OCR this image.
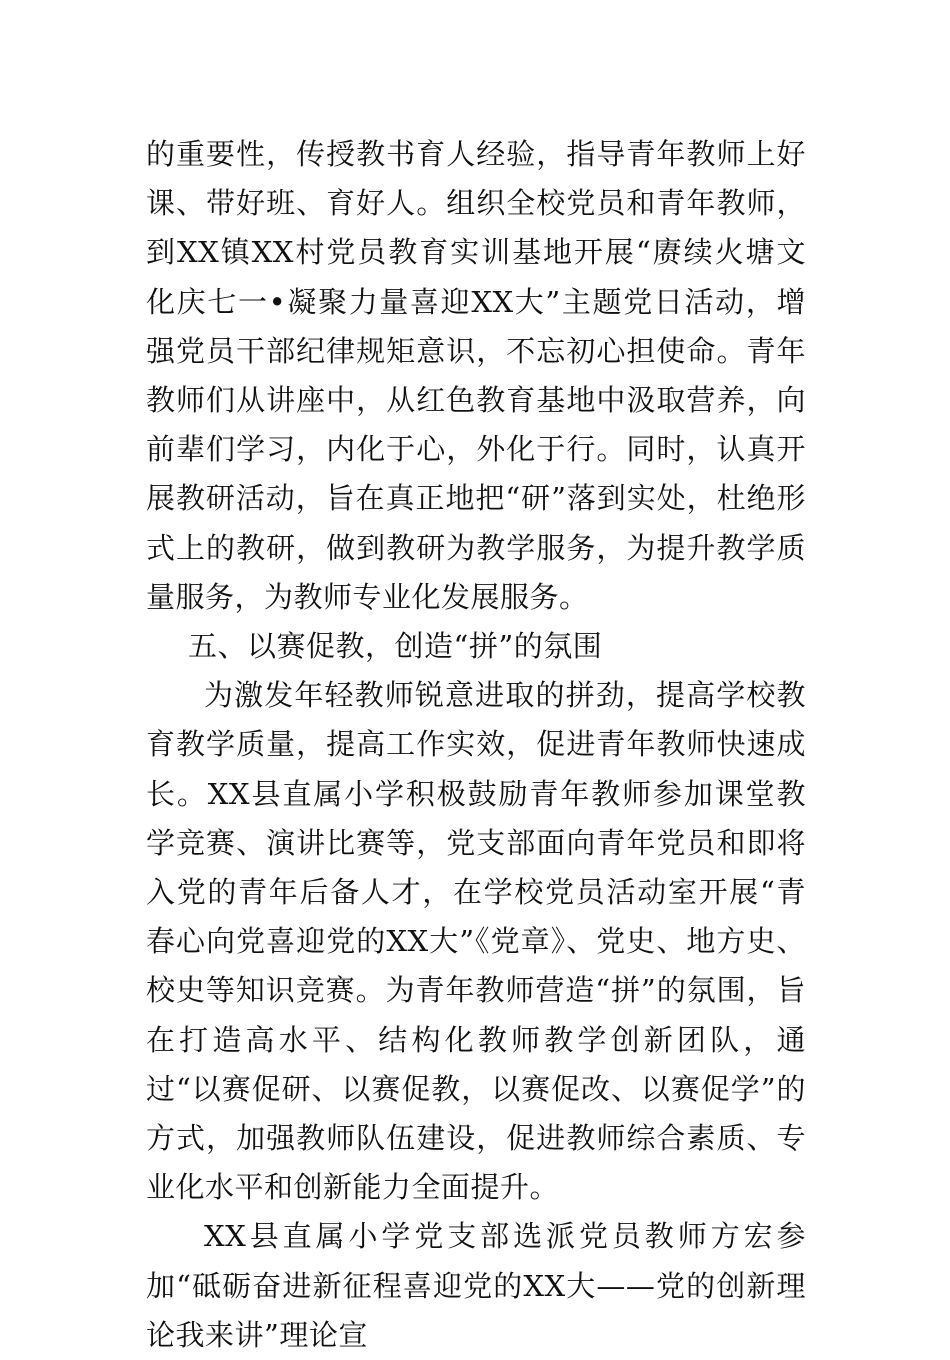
的重要性，传授教书育人经验，指导青年教师上好课、带好班、育好人。组织全校党员和青年教师，到XX镇XX村党员教育实训基地开展“赓续火塘文化庆七一•凝聚力量喜迎XX大”主题党日活动，增强党员干部纪律规矩意识，不忘初心担使命。青年教师们从讲座中，从红色教育基地中汲取营养，向前辈们学习，内化于心，外化于行。同时，认真开展教研活动，旨在真正地把“研”落到实处，杜绝形式上的教研，做到教研为教学服务，为提升教学质量服务，为教师专业化发展服务。

五、以赛促教，创造“拼”的氛围

为激发年轻教师锐意进取的拼劲，提高学校教育教学质量，提高工作实效，促进青年教师快速成长。XX县直属小学积极鼓励青年教师参加课堂教学竞赛、演讲比赛等，党支部面向青年党员和即将入党的青年后备人才，在学校党员活动室开展“青春心向党喜迎党的XX大”《党章》、党史、地方史、校史等知识竞赛。为青年教师营造“拼”的氛围，旨在打造高水平、结构化教师教学创新团队，通过“以赛促研、以赛促教，以赛促改、以赛促学”的方式，加强教师队伍建设，促进教师综合素质、专业化水平和创新能力全面提升。

XX县直属小学党支部选派党员教师方宏参加“砥砺奋进新征程喜迎党的XX大——党的创新理论我来讲”理论宣
